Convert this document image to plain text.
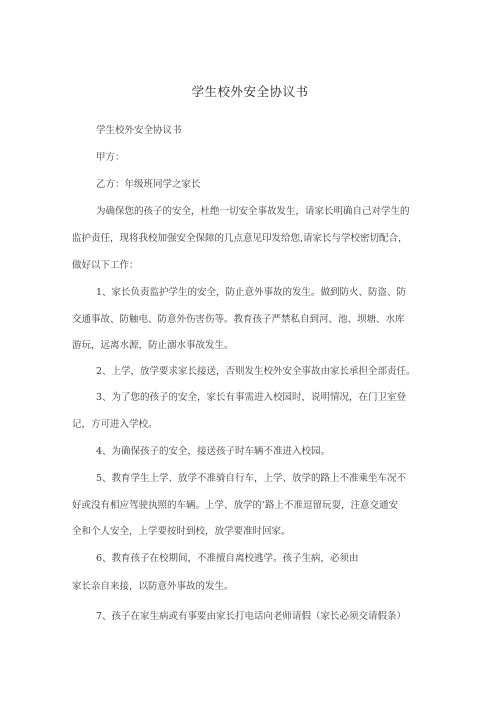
学生校外安全协议书
学生校外安全协议书
甲方：
乙方：年级班同学之家长
为确保您的孩子的安全，杜绝一切安全事故发生，请家长明确自己对学生的
监护责任，现将我校加强安全保障的几点意见印发给您,请家长与学校密切配合，
做好以下工作：
1、家长负责监护学生的安全，防止意外事故的发生。做到防火、防盗、防
交通事故、防触电、防意外伤害伤等。教育孩子严禁私自到河、池、坝塘、水库
游玩，远离水源，防止溺水事故发生。
2、上学，放学要求家长接送，否则发生校外安全事故由家长承担全部责任。
3、为了您的孩子的安全，家长有事需进入校园时，说明情况，在门卫室登
记，方可进入学校。
4、为确保孩子的安全，接送孩子时车辆不准进入校园。
5、教育学生上学、放学不准骑自行车，上学、放学的路上不准乘坐车况不
好或没有相应驾驶执照的车辆。上学、放学的’路上不准逗留玩耍，注意交通安
全和个人安全，上学要按时到校，放学要准时回家。
6、教育孩子在校期间，不准擅自离校逃学。孩子生病，必须由
家长亲自来接，以防意外事故的发生。
7、孩子在家生病或有事要由家长打电话向老师请假（家长必须交请假条）
